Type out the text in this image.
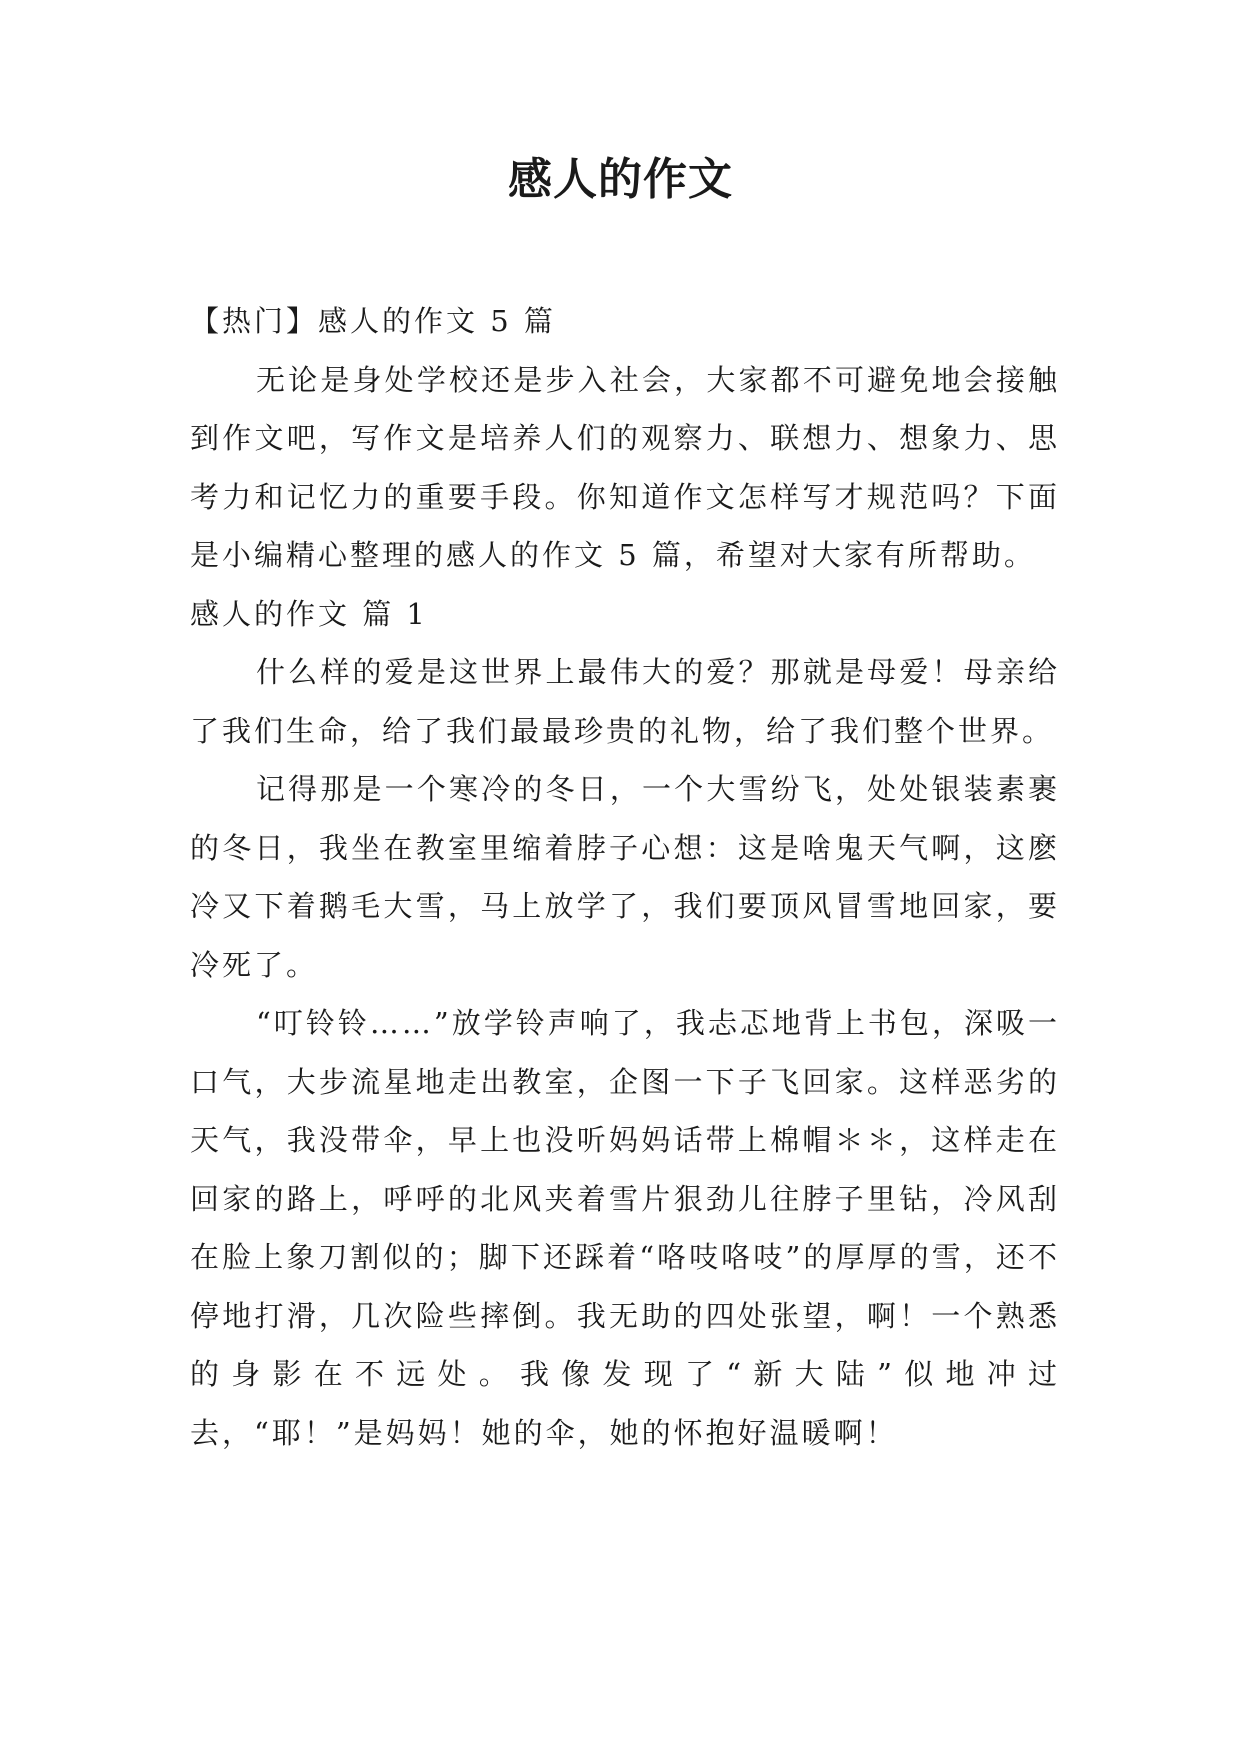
感人的作文

【热门】感人的作文 5 篇

无论是身处学校还是步入社会，大家都不可避免地会接触到作文吧，写作文是培养人们的观察力、联想力、想象力、思考力和记忆力的重要手段。你知道作文怎样写才规范吗？下面是小编精心整理的感人的作文 5 篇，希望对大家有所帮助。

感人的作文 篇 1

什么样的爱是这世界上最伟大的爱？那就是母爱！母亲给了我们生命，给了我们最最珍贵的礼物，给了我们整个世界。

记得那是一个寒冷的冬日，一个大雪纷飞，处处银装素裹的冬日，我坐在教室里缩着脖子心想：这是啥鬼天气啊，这麽冷又下着鹅毛大雪，马上放学了，我们要顶风冒雪地回家，要冷死了。

“叮铃铃……”放学铃声响了，我忐忑地背上书包，深吸一口气，大步流星地走出教室，企图一下子飞回家。这样恶劣的天气，我没带伞，早上也没听妈妈话带上棉帽＊＊，这样走在回家的路上，呼呼的北风夹着雪片狠劲儿往脖子里钻，冷风刮在脸上象刀割似的；脚下还踩着“咯吱咯吱”的厚厚的雪，还不停地打滑，几次险些摔倒。我无助的四处张望，啊！一个熟悉的身影在不远处。我像发现了“新大陆”似地冲过去，“耶！”是妈妈！她的伞，她的怀抱好温暖啊！
